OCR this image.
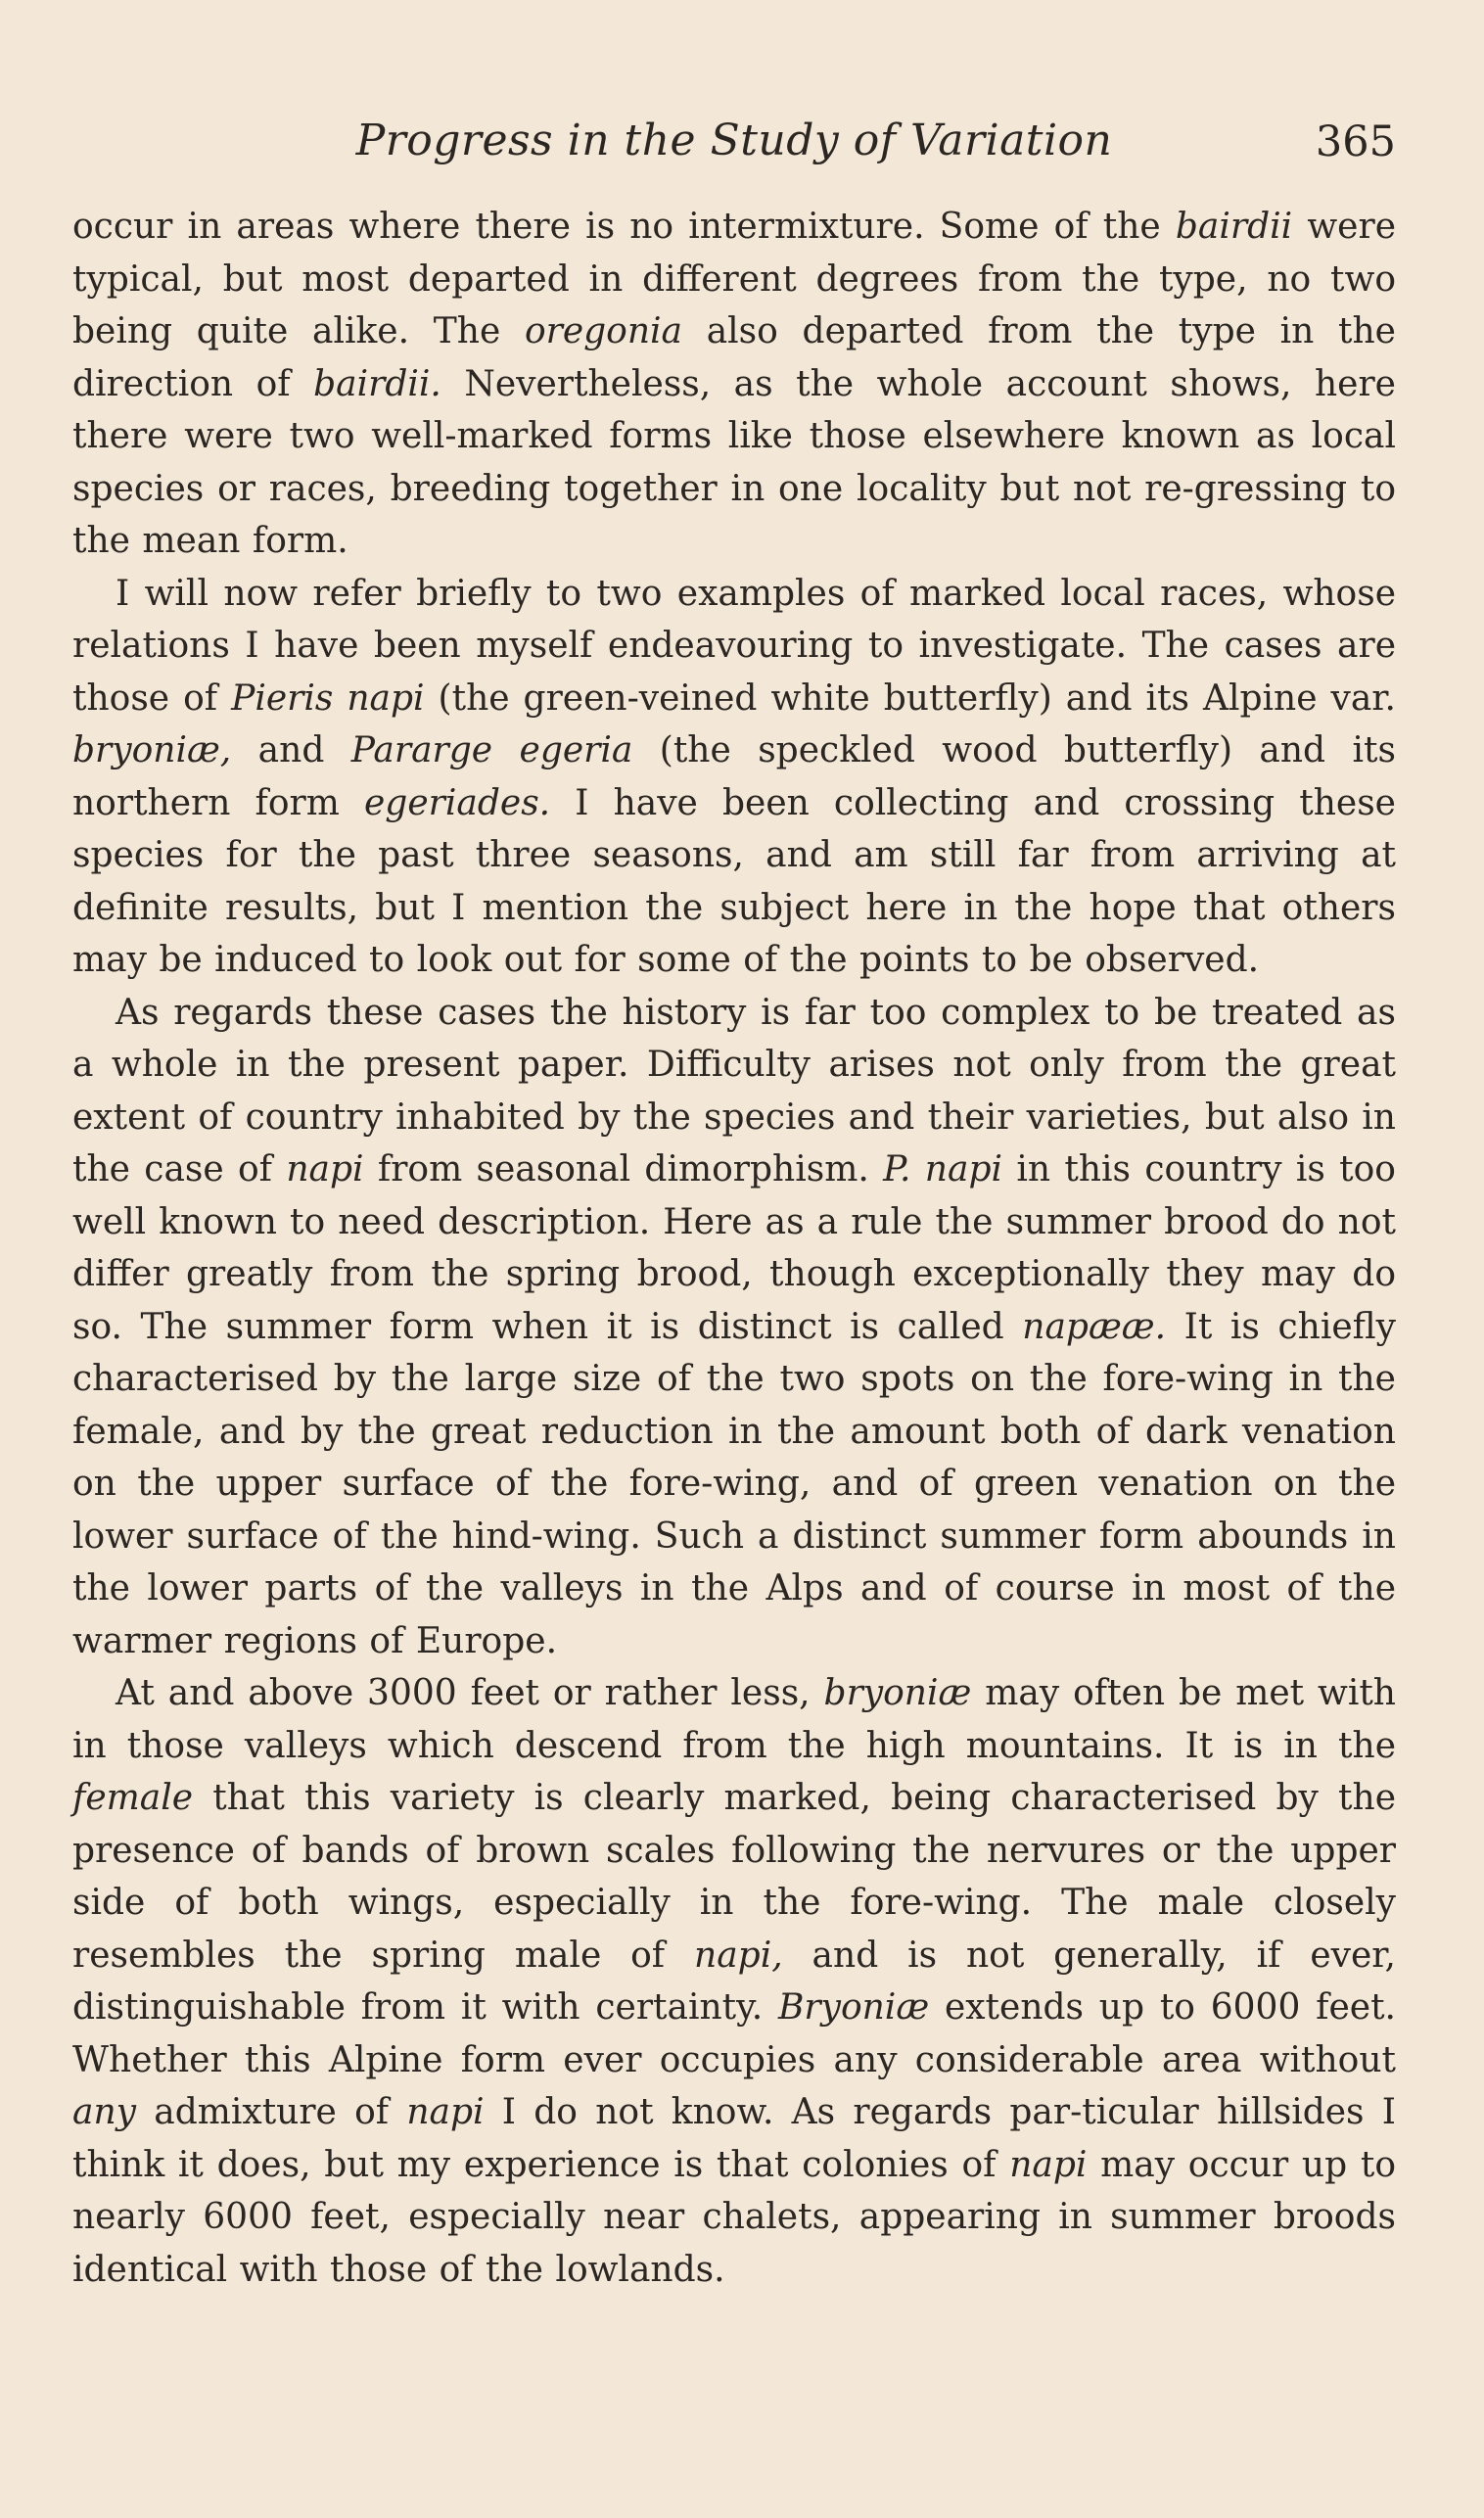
Progress in the Study of Variation	365

occur in areas where there is no intermixture. Some of the bairdii were typical, but most departed in different degrees from the type, no two being quite alike. The oregonia also departed from the type in the direction of bairdii. Nevertheless, as the whole account shows, here there were two well-marked forms like those elsewhere known as local species or races, breeding together in one locality but not re-gressing to the mean form.

I will now refer briefly to two examples of marked local races, whose relations I have been myself endeavouring to investigate. The cases are those of Pieris napi (the green-veined white butterfly) and its Alpine var. bryoniæ, and Pararge egeria (the speckled wood butterfly) and its northern form egeriades. I have been collecting and crossing these species for the past three seasons, and am still far from arriving at definite results, but I mention the subject here in the hope that others may be induced to look out for some of the points to be observed.

As regards these cases the history is far too complex to be treated as a whole in the present paper. Difficulty arises not only from the great extent of country inhabited by the species and their varieties, but also in the case of napi from seasonal dimorphism. P. napi in this country is too well known to need description. Here as a rule the summer brood do not differ greatly from the spring brood, though exceptionally they may do so. The summer form when it is distinct is called napææ. It is chiefly characterised by the large size of the two spots on the fore-wing in the female, and by the great reduction in the amount both of dark venation on the upper surface of the fore-wing, and of green venation on the lower surface of the hind-wing. Such a distinct summer form abounds in the lower parts of the valleys in the Alps and of course in most of the warmer regions of Europe.

At and above 3000 feet or rather less, bryoniæ may often be met with in those valleys which descend from the high mountains. It is in the female that this variety is clearly marked, being characterised by the presence of bands of brown scales following the nervures or the upper side of both wings, especially in the fore-wing. The male closely resembles the spring male of napi, and is not generally, if ever, distinguishable from it with certainty. Bryoniæ extends up to 6000 feet. Whether this Alpine form ever occupies any considerable area without any admixture of napi I do not know. As regards par-ticular hillsides I think it does, but my experience is that colonies of napi may occur up to nearly 6000 feet, especially near chalets, appearing in summer broods identical with those of the lowlands.
